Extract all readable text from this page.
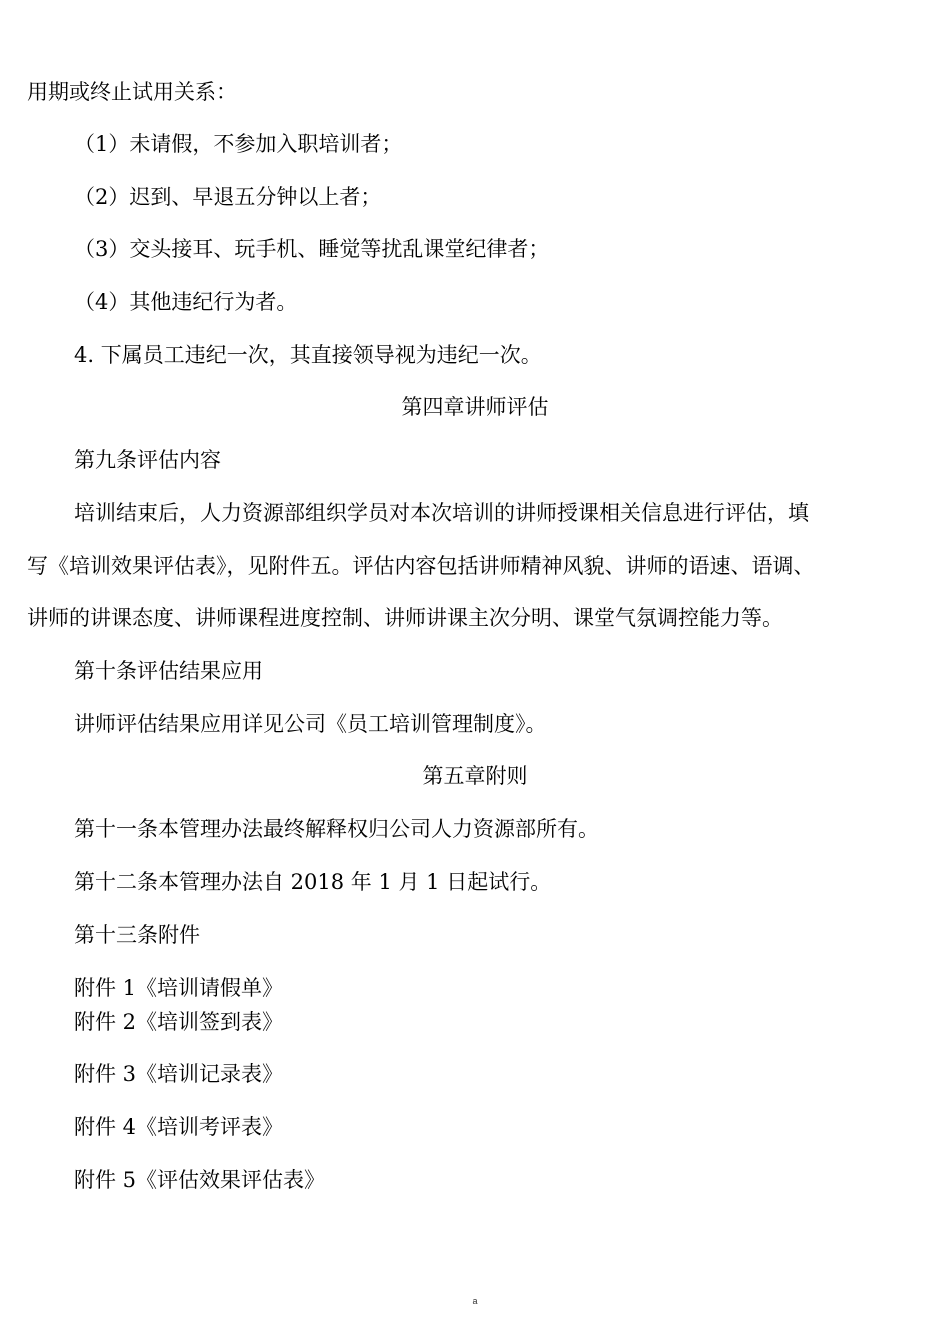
用期或终止试用关系：
（1）未请假，不参加入职培训者；
（2）迟到、早退五分钟以上者；
（3）交头接耳、玩手机、睡觉等扰乱课堂纪律者；
（4）其他违纪行为者。
4. 下属员工违纪一次，其直接领导视为违纪一次。
第四章讲师评估
第九条评估内容
培训结束后，人力资源部组织学员对本次培训的讲师授课相关信息进行评估，填
写《培训效果评估表》，见附件五。评估内容包括讲师精神风貌、讲师的语速、语调、
讲师的讲课态度、讲师课程进度控制、讲师讲课主次分明、课堂气氛调控能力等。
第十条评估结果应用
讲师评估结果应用详见公司《员工培训管理制度》。
第五章附则
第十一条本管理办法最终解释权归公司人力资源部所有。
第十二条本管理办法自 2018 年 1 月 1 日起试行。
第十三条附件
附件 1《培训请假单》
附件 2《培训签到表》
附件 3《培训记录表》
附件 4《培训考评表》
附件 5《评估效果评估表》
a
